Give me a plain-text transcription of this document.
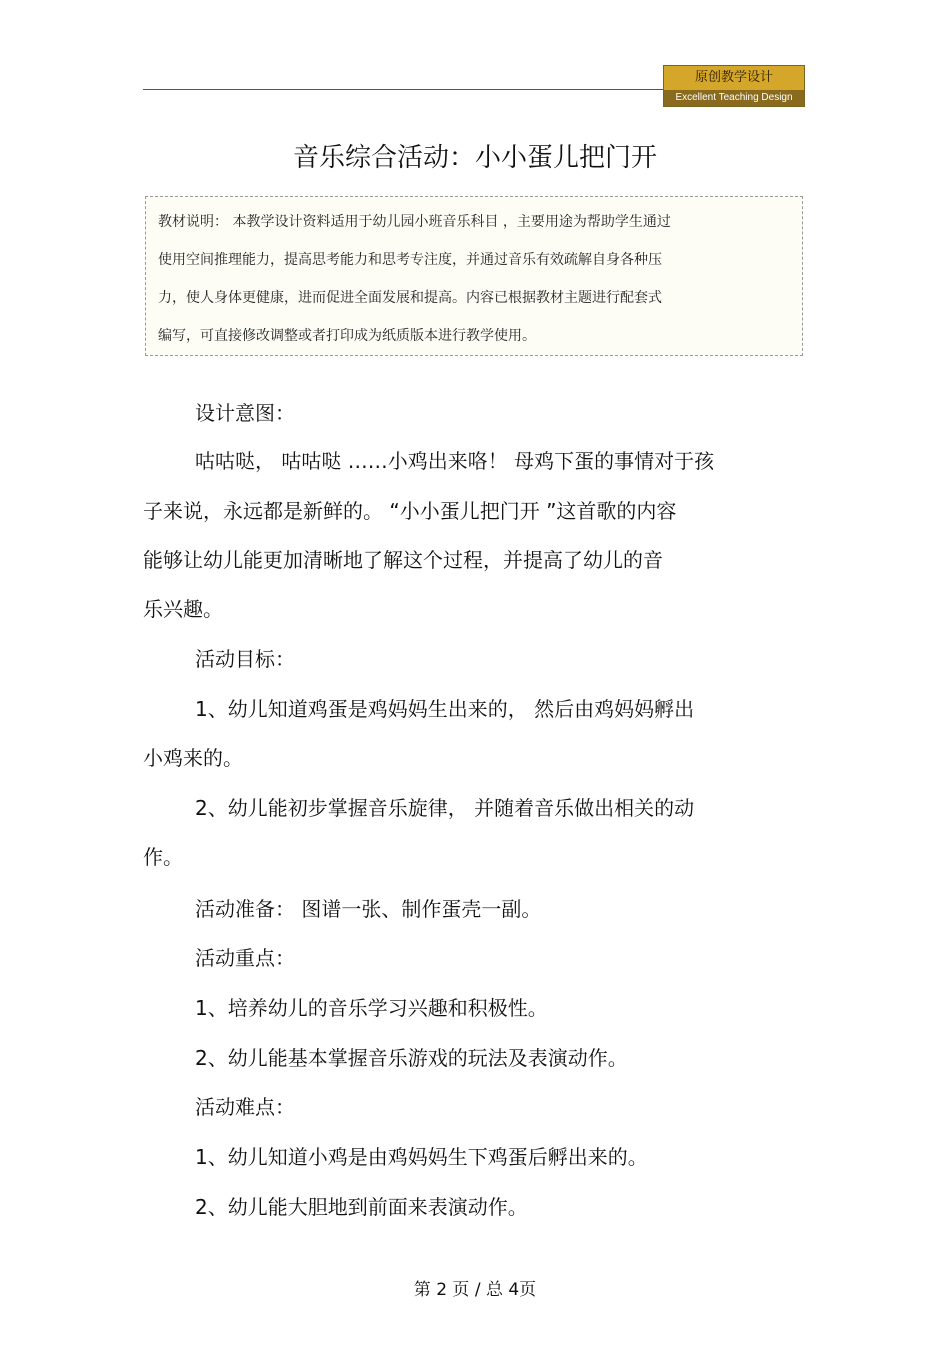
原创教学设计
Excellent Teaching Design
音乐综合活动：小小蛋儿把门开
教材说明： 本教学设计资料适用于幼儿园小班音乐科目 ，主要用途为帮助学生通过
使用空间推理能力，提高思考能力和思考专注度，并通过音乐有效疏解自身各种压
力，使人身体更健康，进而促进全面发展和提高。内容已根据教材主题进行配套式
编写，可直接修改调整或者打印成为纸质版本进行教学使用。
设计意图：
咕咕哒， 咕咕哒 ……小鸡出来咯！ 母鸡下蛋的事情对于孩
子来说，永远都是新鲜的。 “小小蛋儿把门开 ”这首歌的内容
能够让幼儿能更加清晰地了解这个过程，并提高了幼儿的音
乐兴趣。
活动目标：
1、幼儿知道鸡蛋是鸡妈妈生出来的， 然后由鸡妈妈孵出
小鸡来的。
2、幼儿能初步掌握音乐旋律， 并随着音乐做出相关的动
作。
活动准备： 图谱一张、制作蛋壳一副。
活动重点：
1、培养幼儿的音乐学习兴趣和积极性。
2、幼儿能基本掌握音乐游戏的玩法及表演动作。
活动难点：
1、幼儿知道小鸡是由鸡妈妈生下鸡蛋后孵出来的。
2、幼儿能大胆地到前面来表演动作。
第 2 页 / 总 4页
